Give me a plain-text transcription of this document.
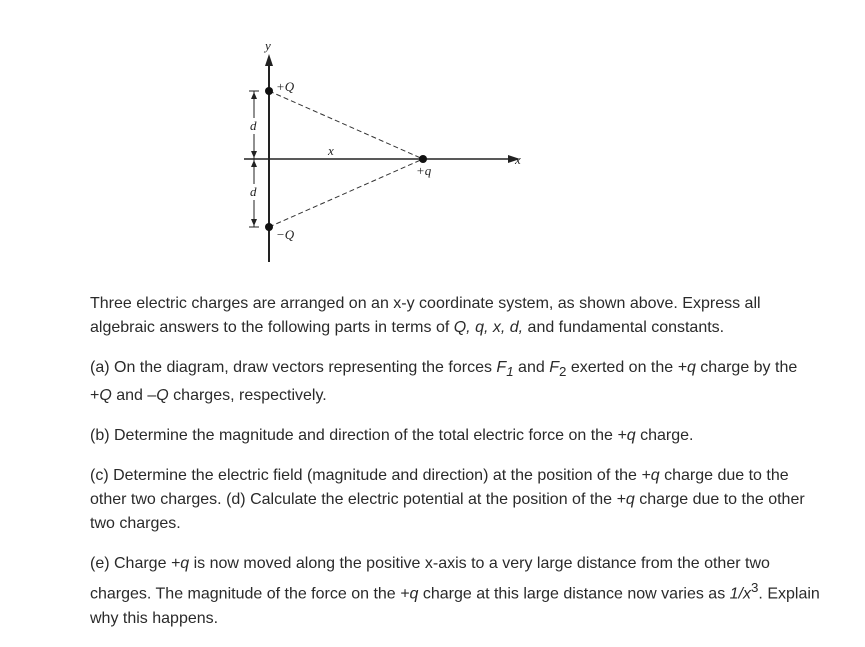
y
x
x
d
d
+Q
−Q
+q

Three electric charges are arranged on an x-y coordinate system, as shown above. Express all algebraic answers to the following parts in terms of Q, q, x, d, and fundamental constants.

(a) On the diagram, draw vectors representing the forces $F_1$ and $F_2$ exerted on the +q charge by the +Q and –Q charges, respectively.

(b) Determine the magnitude and direction of the total electric force on the +q charge.

(c) Determine the electric field (magnitude and direction) at the position of the +q charge due to the other two charges. (d) Calculate the electric potential at the position of the +q charge due to the other two charges.

(e) Charge +q is now moved along the positive x-axis to a very large distance from the other two charges. The magnitude of the force on the +q charge at this large distance now varies as $1/x^3$. Explain why this happens.
